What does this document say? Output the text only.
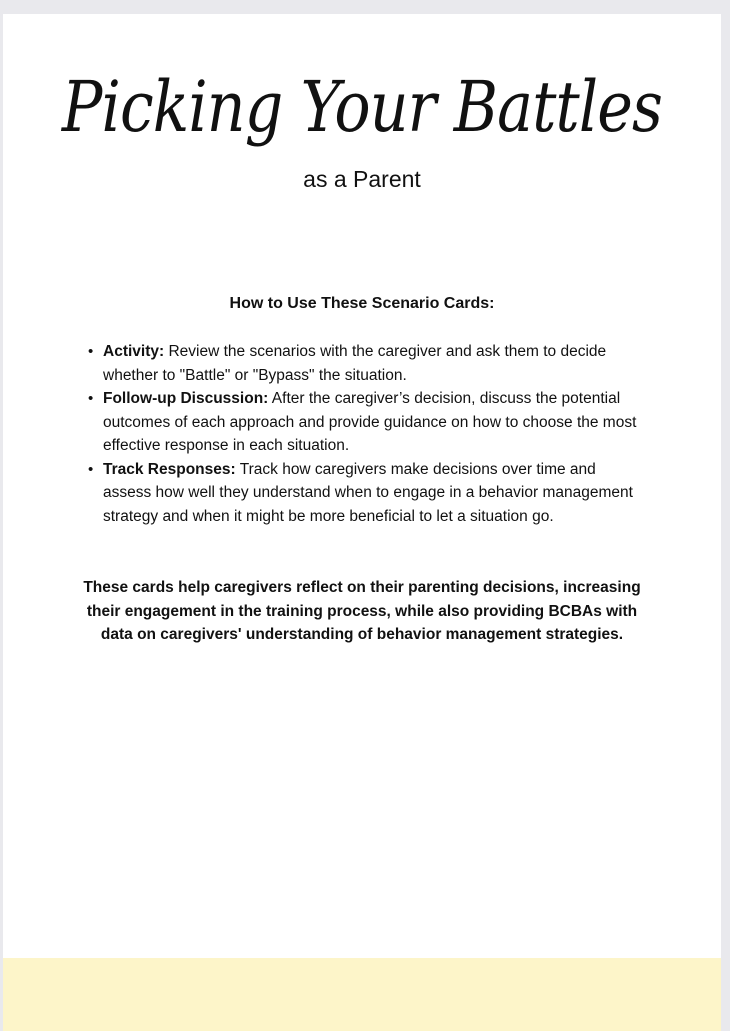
Picking Your Battles
as a Parent
How to Use These Scenario Cards:
• Activity: Review the scenarios with the caregiver and ask them to decide whether to "Battle" or "Bypass" the situation.
• Follow-up Discussion: After the caregiver’s decision, discuss the potential outcomes of each approach and provide guidance on how to choose the most effective response in each situation.
• Track Responses: Track how caregivers make decisions over time and assess how well they understand when to engage in a behavior management strategy and when it might be more beneficial to let a situation go.
These cards help caregivers reflect on their parenting decisions, increasing their engagement in the training process, while also providing BCBAs with data on caregivers' understanding of behavior management strategies.
